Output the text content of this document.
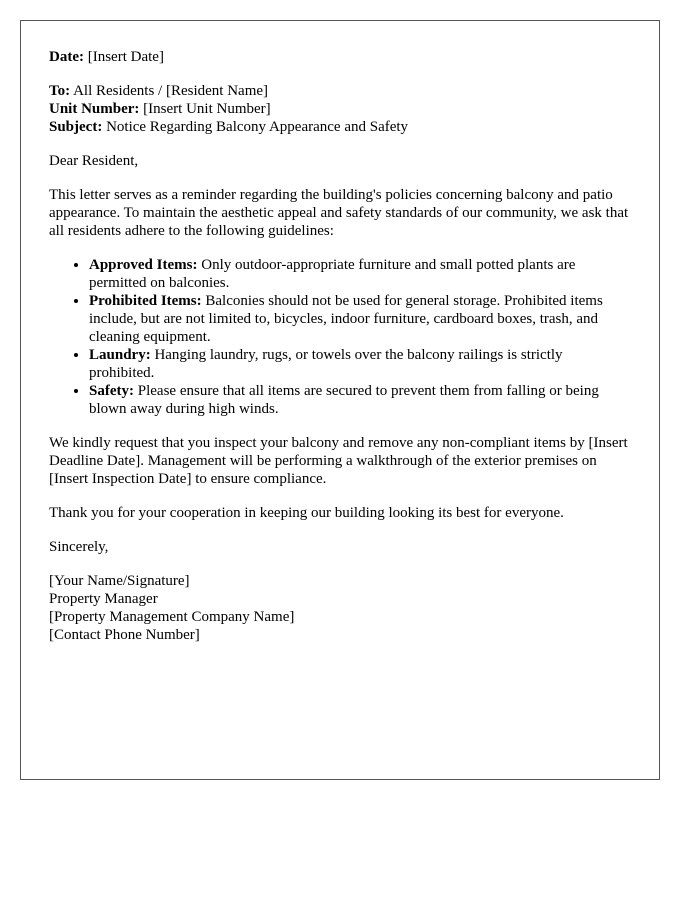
Date: [Insert Date]
To: All Residents / [Resident Name]
Unit Number: [Insert Unit Number]
Subject: Notice Regarding Balcony Appearance and Safety

Dear Resident,

This letter serves as a reminder regarding the building's policies concerning balcony and patio appearance. To maintain the aesthetic appeal and safety standards of our community, we ask that all residents adhere to the following guidelines:

• Approved Items: Only outdoor-appropriate furniture and small potted plants are permitted on balconies.
• Prohibited Items: Balconies should not be used for general storage. Prohibited items include, but are not limited to, bicycles, indoor furniture, cardboard boxes, trash, and cleaning equipment.
• Laundry: Hanging laundry, rugs, or towels over the balcony railings is strictly prohibited.
• Safety: Please ensure that all items are secured to prevent them from falling or being blown away during high winds.

We kindly request that you inspect your balcony and remove any non-compliant items by [Insert Deadline Date]. Management will be performing a walkthrough of the exterior premises on [Insert Inspection Date] to ensure compliance.

Thank you for your cooperation in keeping our building looking its best for everyone.

Sincerely,

[Your Name/Signature]
Property Manager
[Property Management Company Name]
[Contact Phone Number]
